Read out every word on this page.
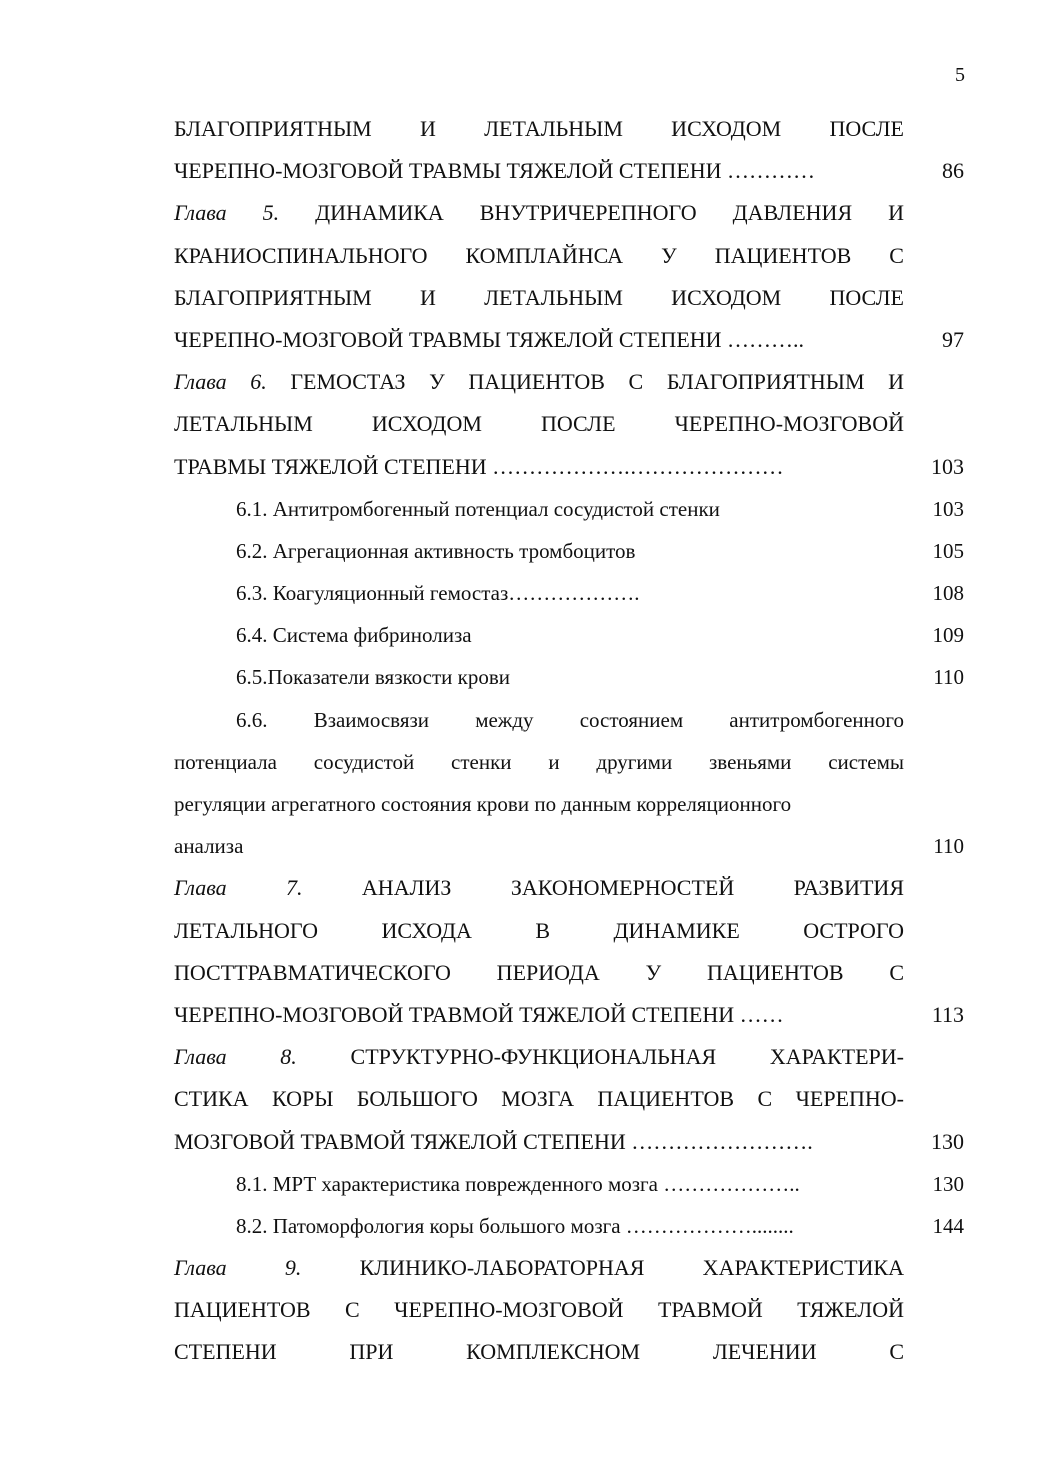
5
БЛАГОПРИЯТНЫМ И ЛЕТАЛЬНЫМ ИСХОДОМ ПОСЛЕ
ЧЕРЕПНО-МОЗГОВОЙ ТРАВМЫ ТЯЖЕЛОЙ СТЕПЕНИ …………	86
Глава 5. ДИНАМИКА ВНУТРИЧЕРЕПНОГО ДАВЛЕНИЯ И
КРАНИОСПИНАЛЬНОГО КОМПЛАЙНСА У ПАЦИЕНТОВ С
БЛАГОПРИЯТНЫМ И ЛЕТАЛЬНЫМ ИСХОДОМ ПОСЛЕ
ЧЕРЕПНО-МОЗГОВОЙ ТРАВМЫ ТЯЖЕЛОЙ СТЕПЕНИ ………..	97
Глава 6. ГЕМОСТАЗ У ПАЦИЕНТОВ С БЛАГОПРИЯТНЫМ И
ЛЕТАЛЬНЫМ ИСХОДОМ ПОСЛЕ ЧЕРЕПНО-МОЗГОВОЙ
ТРАВМЫ ТЯЖЕЛОЙ СТЕПЕНИ ……………….…………………	103
6.1. Антитромбогенный потенциал сосудистой стенки	103
6.2. Агрегационная активность тромбоцитов	105
6.3. Коагуляционный гемостаз……………….	108
6.4. Система фибринолиза	109
6.5.Показатели вязкости крови	110
6.6. Взаимосвязи между состоянием антитромбогенного
потенциала сосудистой стенки и другими звеньями системы
регуляции агрегатного состояния крови по данным корреляционного
анализа	110
Глава 7.	АНАЛИЗ ЗАКОНОМЕРНОСТЕЙ РАЗВИТИЯ
ЛЕТАЛЬНОГО ИСХОДА В ДИНАМИКЕ ОСТРОГО
ПОСТТРАВМАТИЧЕСКОГО ПЕРИОДА У ПАЦИЕНТОВ С
ЧЕРЕПНО-МОЗГОВОЙ ТРАВМОЙ ТЯЖЕЛОЙ СТЕПЕНИ ……	113
Глава 8. СТРУКТУРНО-ФУНКЦИОНАЛЬНАЯ ХАРАКТЕРИ-
СТИКА КОРЫ БОЛЬШОГО МОЗГА ПАЦИЕНТОВ С ЧЕРЕПНО-
МОЗГОВОЙ ТРАВМОЙ ТЯЖЕЛОЙ СТЕПЕНИ …………………….	130
8.1. МРТ характеристика поврежденного мозга ………………..	130
8.2. Патоморфология коры большого мозга ………………........	144
Глава 9.	КЛИНИКО-ЛАБОРАТОРНАЯ ХАРАКТЕРИСТИКА
ПАЦИЕНТОВ С ЧЕРЕПНО-МОЗГОВОЙ ТРАВМОЙ ТЯЖЕЛОЙ
СТЕПЕНИ ПРИ КОМПЛЕКСНОМ ЛЕЧЕНИИ С
